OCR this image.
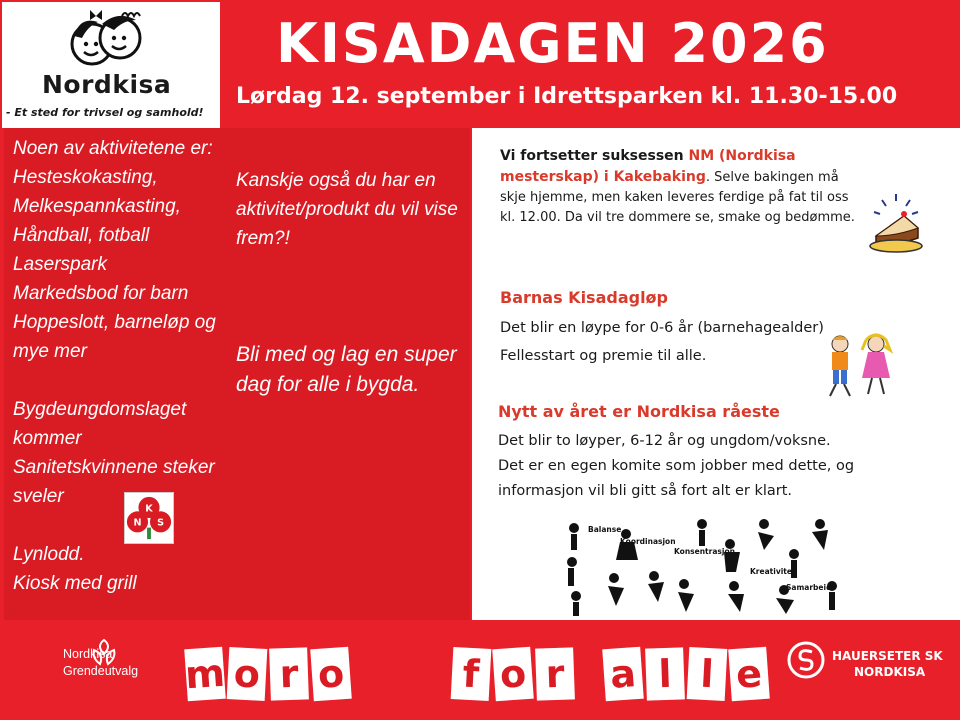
Nordkisa
- Et sted for trivsel og samhold!
KISADAGEN 2026
Lørdag 12. september i Idrettsparken kl. 11.30-15.00
Noen av aktivitetene er:
Hesteskokasting,
Melkespannkasting,
Håndball, fotball
Laserspark
Markedsbod for barn
Hoppeslott, barneløp og
mye mer
Bygdeungdomslaget
kommer
Sanitetskvinnene steker
sveler
Lynlodd.
Kiosk med grill
Kanskje også du har en aktivitet/produkt du vil vise frem?!
Bli med og lag en super dag for alle i bygda.
K
N S
Vi fortsetter suksessen NM (Nordkisa mesterskap) i Kakebaking. Selve bakingen må skje hjemme, men kaken leveres ferdige på fat til oss kl. 12.00. Da vil tre dommere se, smake og bedømme.
Barnas Kisadagløp
Det blir en løype for 0-6 år (barnehagealder)
Fellesstart og premie til alle.
Nytt av året er Nordkisa råeste
Det blir to løyper, 6-12 år og ungdom/voksne.
Det er en egen komite som jobber med dette, og
informasjon vil bli gitt så fort alt er klart.
Balanse
Koordinasjon
Konsentrasjon
Kreativitet
Samarbeid
Nordkisa
Grendeutvalg m o r o	f o r a l l e	HAUERSETER SK
NORDKISA
